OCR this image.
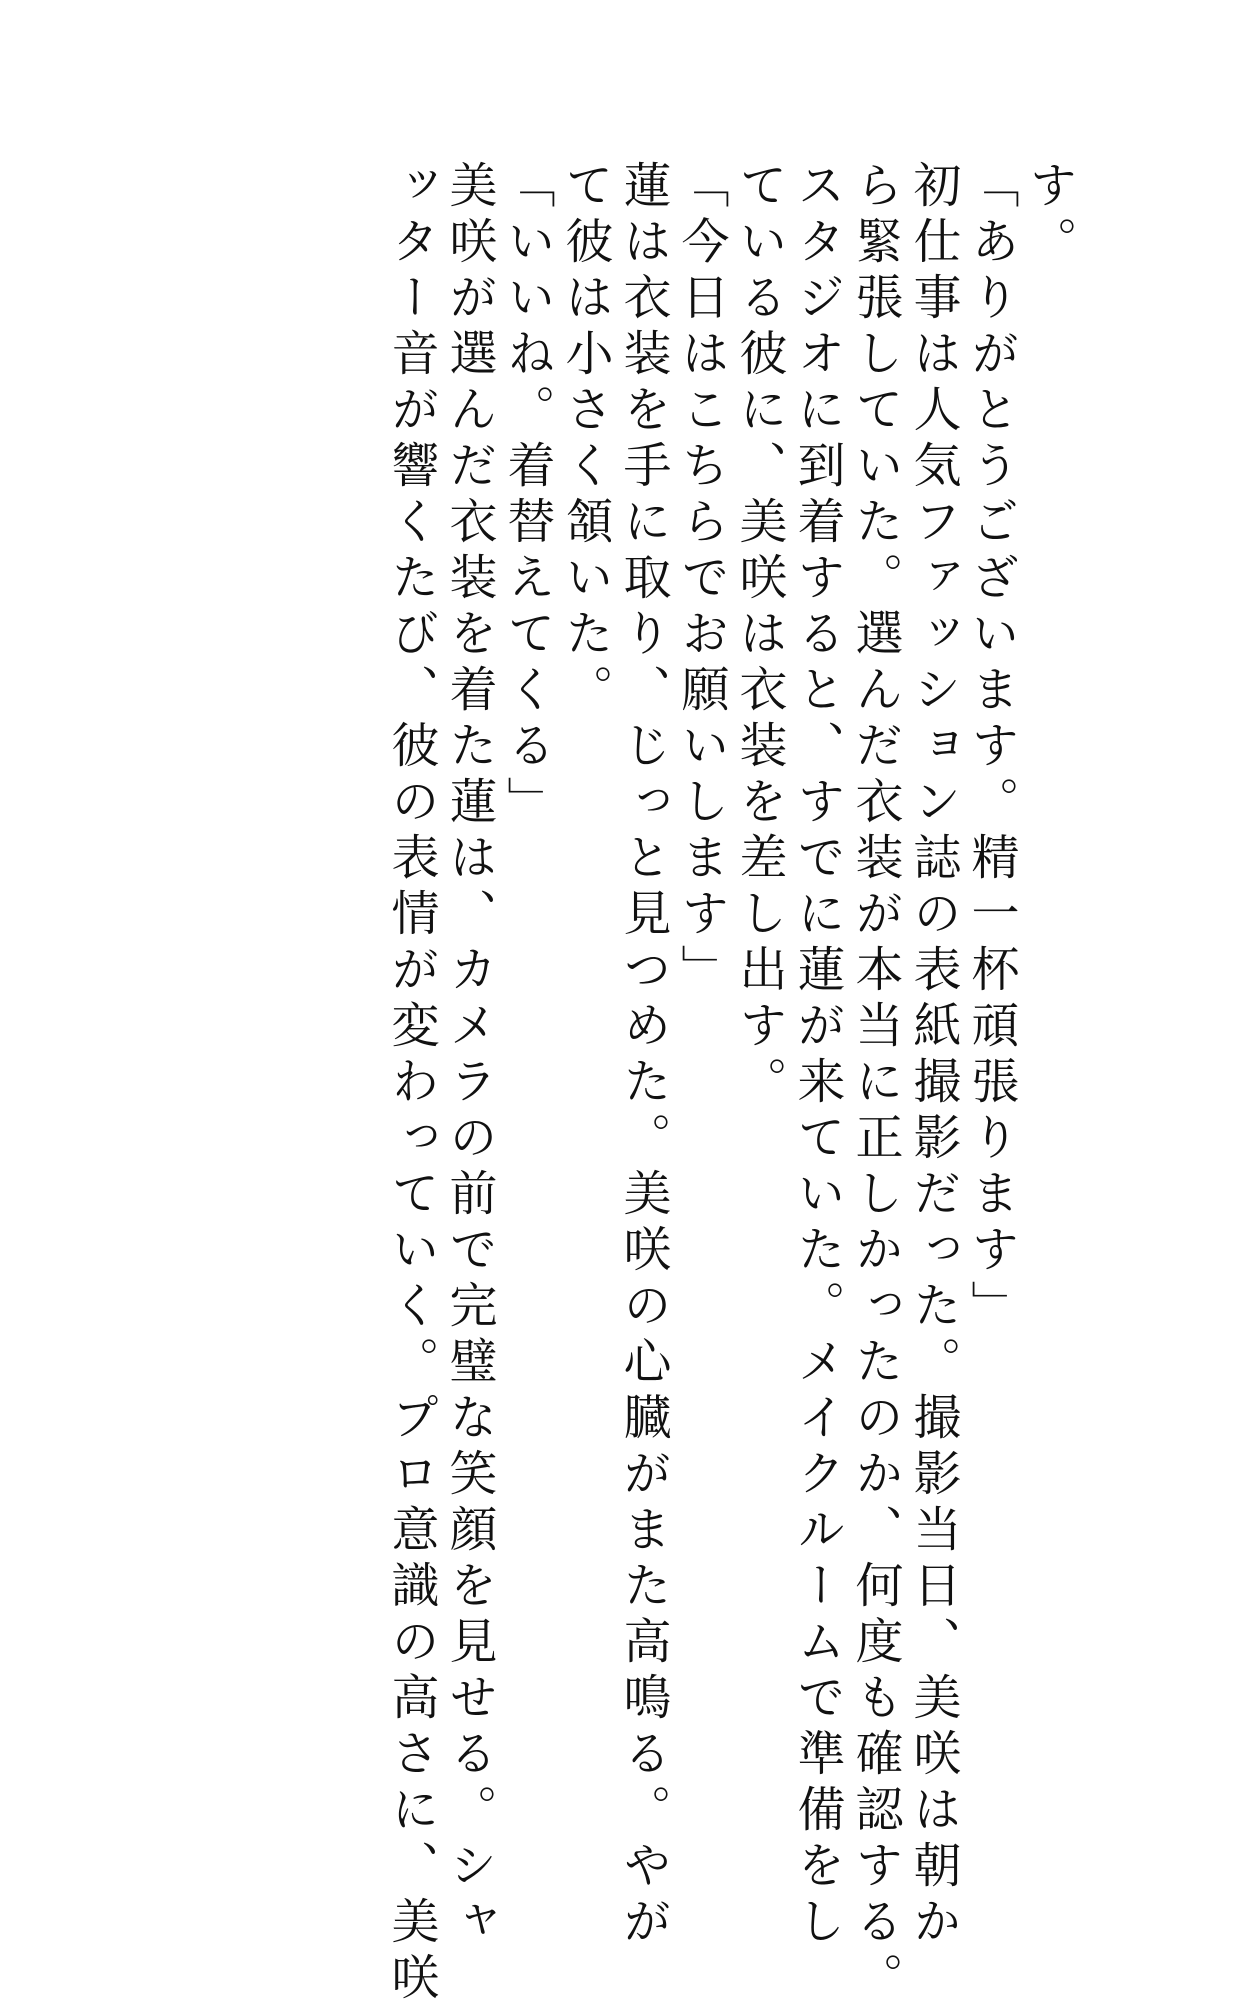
す。
「ありがとうございます。精一杯頑張ります」
初仕事は人気ファッション誌の表紙撮影だった。撮影当日、美咲は朝か
ら緊張していた。選んだ衣装が本当に正しかったのか、何度も確認する。
スタジオに到着すると、すでに蓮が来ていた。メイクルームで準備をし
ている彼に、美咲は衣装を差し出す。
「今日はこちらでお願いします」
蓮は衣装を手に取り、じっと見つめた。美咲の心臓がまた高鳴る。やが
て彼は小さく頷いた。
「いいね。着替えてくる」
美咲が選んだ衣装を着た蓮は、カメラの前で完璧な笑顔を見せる。シャ
ッター音が響くたび、彼の表情が変わっていく。プロ意識の高さに、美咲
